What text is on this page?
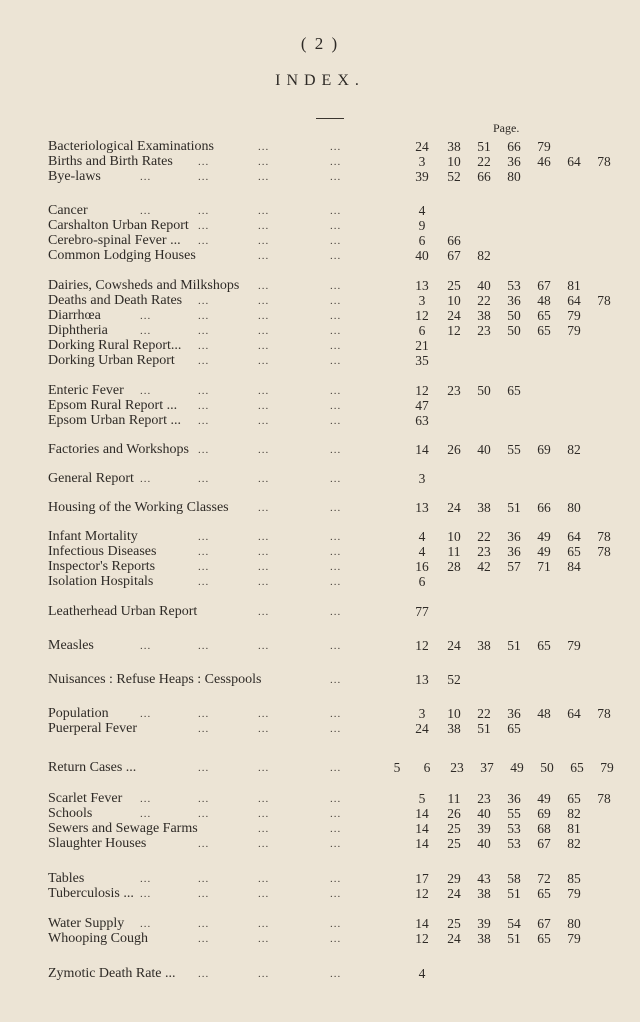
( 2 )
INDEX.
Page.
Bacteriological Examinations	...	...	24	38	51	66	79
Births and Birth Rates ...	...	...	3	10	22	36	46	64	78
Bye-laws	...	...	...	...	39	52	66	80
Cancer	...	...	...	...	4
Carshalton Urban Report ...	...	...	9
Cerebro-spinal Fever ... ...	...	...	6	66
Common Lodging Houses	...	...	40	67	82
Dairies, Cowsheds and Milkshops ...	...	13	25	40	53	67	81
Deaths and Death Rates ...	...	...	3	10	22	36	48	64	78
Diarrhœa	...	...	...	...	12	24	38	50	65	79
Diphtheria	...	...	...	...	6	12	23	50	65	79
Dorking Rural Report... ...	...	...	21
Dorking Urban Report ...	...	...	35
Enteric Fever ...	...	...	...	12	23	50	65
Epsom Rural Report ... ...	...	...	47
Epsom Urban Report ... ...	...	...	63
Factories and Workshops ...	...	...	14	26	40	55	69	82
General Report ...	...	...	...	3
Housing of the Working Classes	...	...	13	24	38	51	66	80
Infant Mortality	...	...	...	4	10	22	36	49	64	78
Infectious Diseases	...	...	...	4	11	23	36	49	65	78
Inspector's Reports	...	...	...	16	28	42	57	71	84
Isolation Hospitals	...	...	...	6
Leatherhead Urban Report	...	...	77
Measles	...	...	...	...	12	24	38	51	65	79
Nuisances : Refuse Heaps : Cesspools	...	13	52
Population	...	...	...	...	3	10	22	36	48	64	78
Puerperal Fever	...	...	...	24	38	51	65
Return Cases ...	...	...	...	5	6	23	37	49	50	65	79
Scarlet Fever ...	...	...	...	5	11	23	36	49	65	78
Schools	...	...	...	...	14	26	40	55	69	82
Sewers and Sewage Farms	...	...	14	25	39	53	68	81
Slaughter Houses	...	...	...	14	25	40	53	67	82
Tables	...	...	...	...	17	29	43	58	72	85
Tuberculosis ... ...	...	...	...	12	24	38	51	65	79
Water Supply ...	...	...	...	14	25	39	54	67	80
Whooping Cough	...	...	...	12	24	38	51	65	79
Zymotic Death Rate ... ...	...	...	4
